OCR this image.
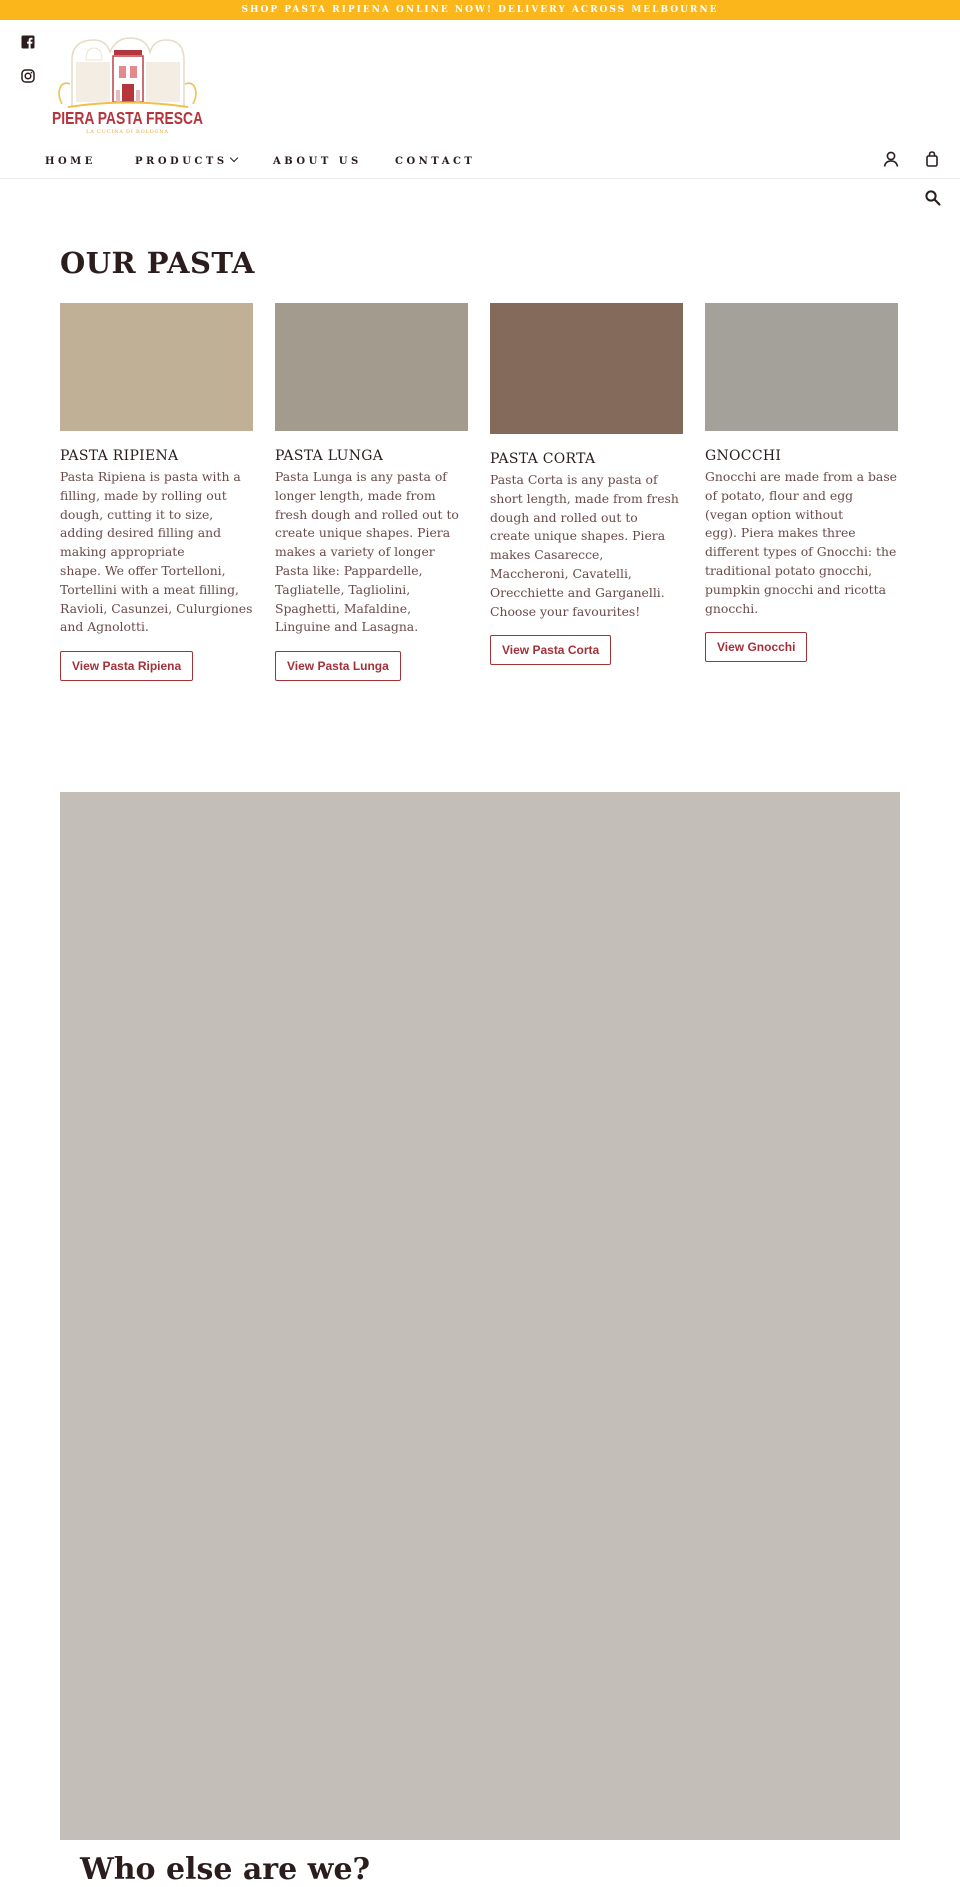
SHOP PASTA RIPIENA ONLINE NOW! DELIVERY ACROSS MELBOURNE
PIERA PASTA FRESCA
LA CUCINA DI BOLOGNA
HOME	PRODUCTS	ABOUT US	CONTACT
OUR PASTA
PASTA RIPIENA
Pasta Ripiena is pasta with a
filling, made by rolling out
dough, cutting it to size,
adding desired filling and
making appropriate
shape. We offer Tortelloni,
Tortellini with a meat filling,
Ravioli, Casunzei, Culurgiones
and Agnolotti.
View Pasta Ripiena
PASTA LUNGA
Pasta Lunga is any pasta of
longer length, made from
fresh dough and rolled out to
create unique shapes. Piera
makes a variety of longer
Pasta like: Pappardelle,
Tagliatelle, Tagliolini,
Spaghetti, Mafaldine,
Linguine and Lasagna.
View Pasta Lunga
PASTA CORTA
Pasta Corta is any pasta of
short length, made from fresh
dough and rolled out to
create unique shapes. Piera
makes Casarecce,
Maccheroni, Cavatelli,
Orecchiette and Garganelli.
Choose your favourites!
View Pasta Corta
GNOCCHI
Gnocchi are made from a base
of potato, flour and egg
(vegan option without
egg). Piera makes three
different types of Gnocchi: the
traditional potato gnocchi,
pumpkin gnocchi and ricotta
gnocchi.
View Gnocchi
Who else are we?
